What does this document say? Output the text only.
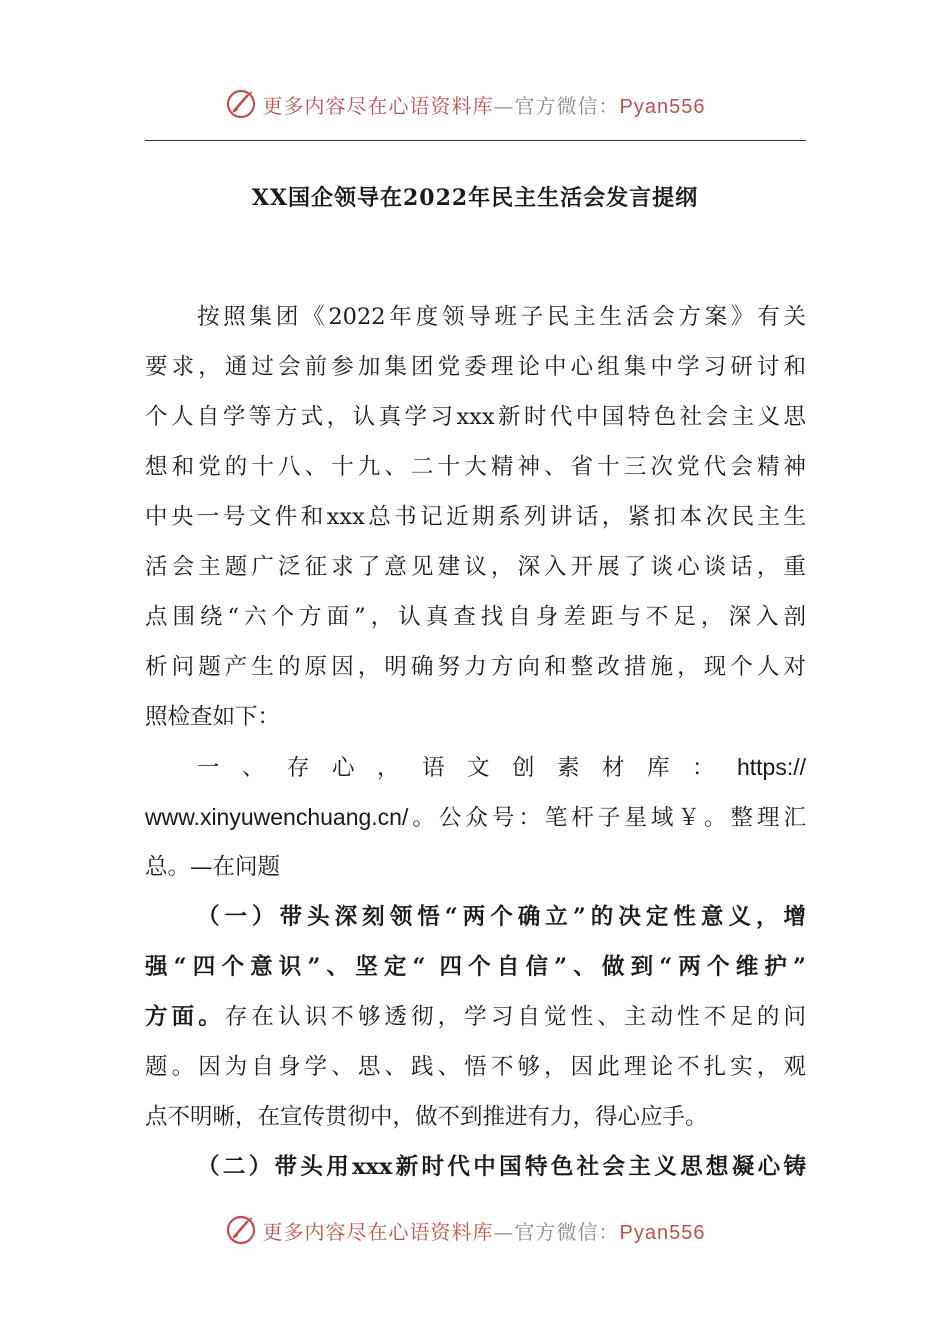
更多内容尽在心语资料库—官方微信：Pyan556
XX国企领导在2022年民主生活会发言提纲
按照集团《2022年度领导班子民主生活会方案》有关
要求，通过会前参加集团党委理论中心组集中学习研讨和
个人自学等方式，认真学习xxx新时代中国特色社会主义思
想和党的十八、十九、二十大精神、省十三次党代会精神
中央一号文件和xxx总书记近期系列讲话，紧扣本次民主生
活会主题广泛征求了意见建议，深入开展了谈心谈话，重
点围绕“六个方面”，认真查找自身差距与不足，深入剖
析问题产生的原因，明确努力方向和整改措施，现个人对
照检查如下：
一、存心，语文创素材库：https://
www.xinyuwenchuang.cn/。公众号：笔杆子星域￥。整理汇
总。—在问题
（一）带头深刻领悟“两个确立”的决定性意义，增
强“四个意识”、坚定“ 四个自信”、做到“两个维护”
方面。存在认识不够透彻，学习自觉性、主动性不足的问
题。因为自身学、思、践、悟不够，因此理论不扎实，观
点不明晰，在宣传贯彻中，做不到推进有力，得心应手。
（二）带头用xxx新时代中国特色社会主义思想凝心铸
更多内容尽在心语资料库—官方微信：Pyan556
